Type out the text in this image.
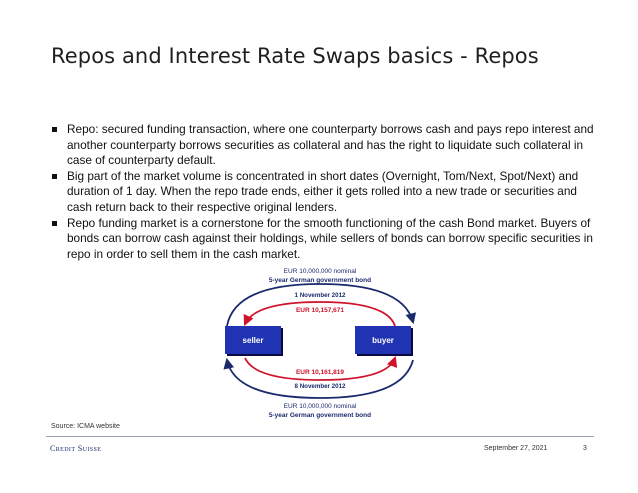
Repos and Interest Rate Swaps basics - Repos
Repo: secured funding transaction, where one counterparty borrows cash and pays repo interest and another counterparty borrows securities as collateral and has the right to liquidate such collateral in case of counterparty default.
Big part of the market volume is concentrated in short dates (Overnight, Tom/Next, Spot/Next) and duration of 1 day. When the repo trade ends, either it gets rolled into a new trade or securities and cash return back to their respective original lenders.
Repo funding market is a cornerstone for the smooth functioning of the cash Bond market. Buyers of bonds can borrow cash against their holdings, while sellers of bonds can borrow specific securities in repo in order to sell them in the cash market.
EUR 10,000,000 nominal
5-year German government bond
1 November 2012
EUR 10,157,671
seller	buyer
EUR 10,161,819
8 November 2012
EUR 10,000,000 nominal
5-year German government bond
Source: ICMA website
Credit Suisse	September 27, 2021	3
